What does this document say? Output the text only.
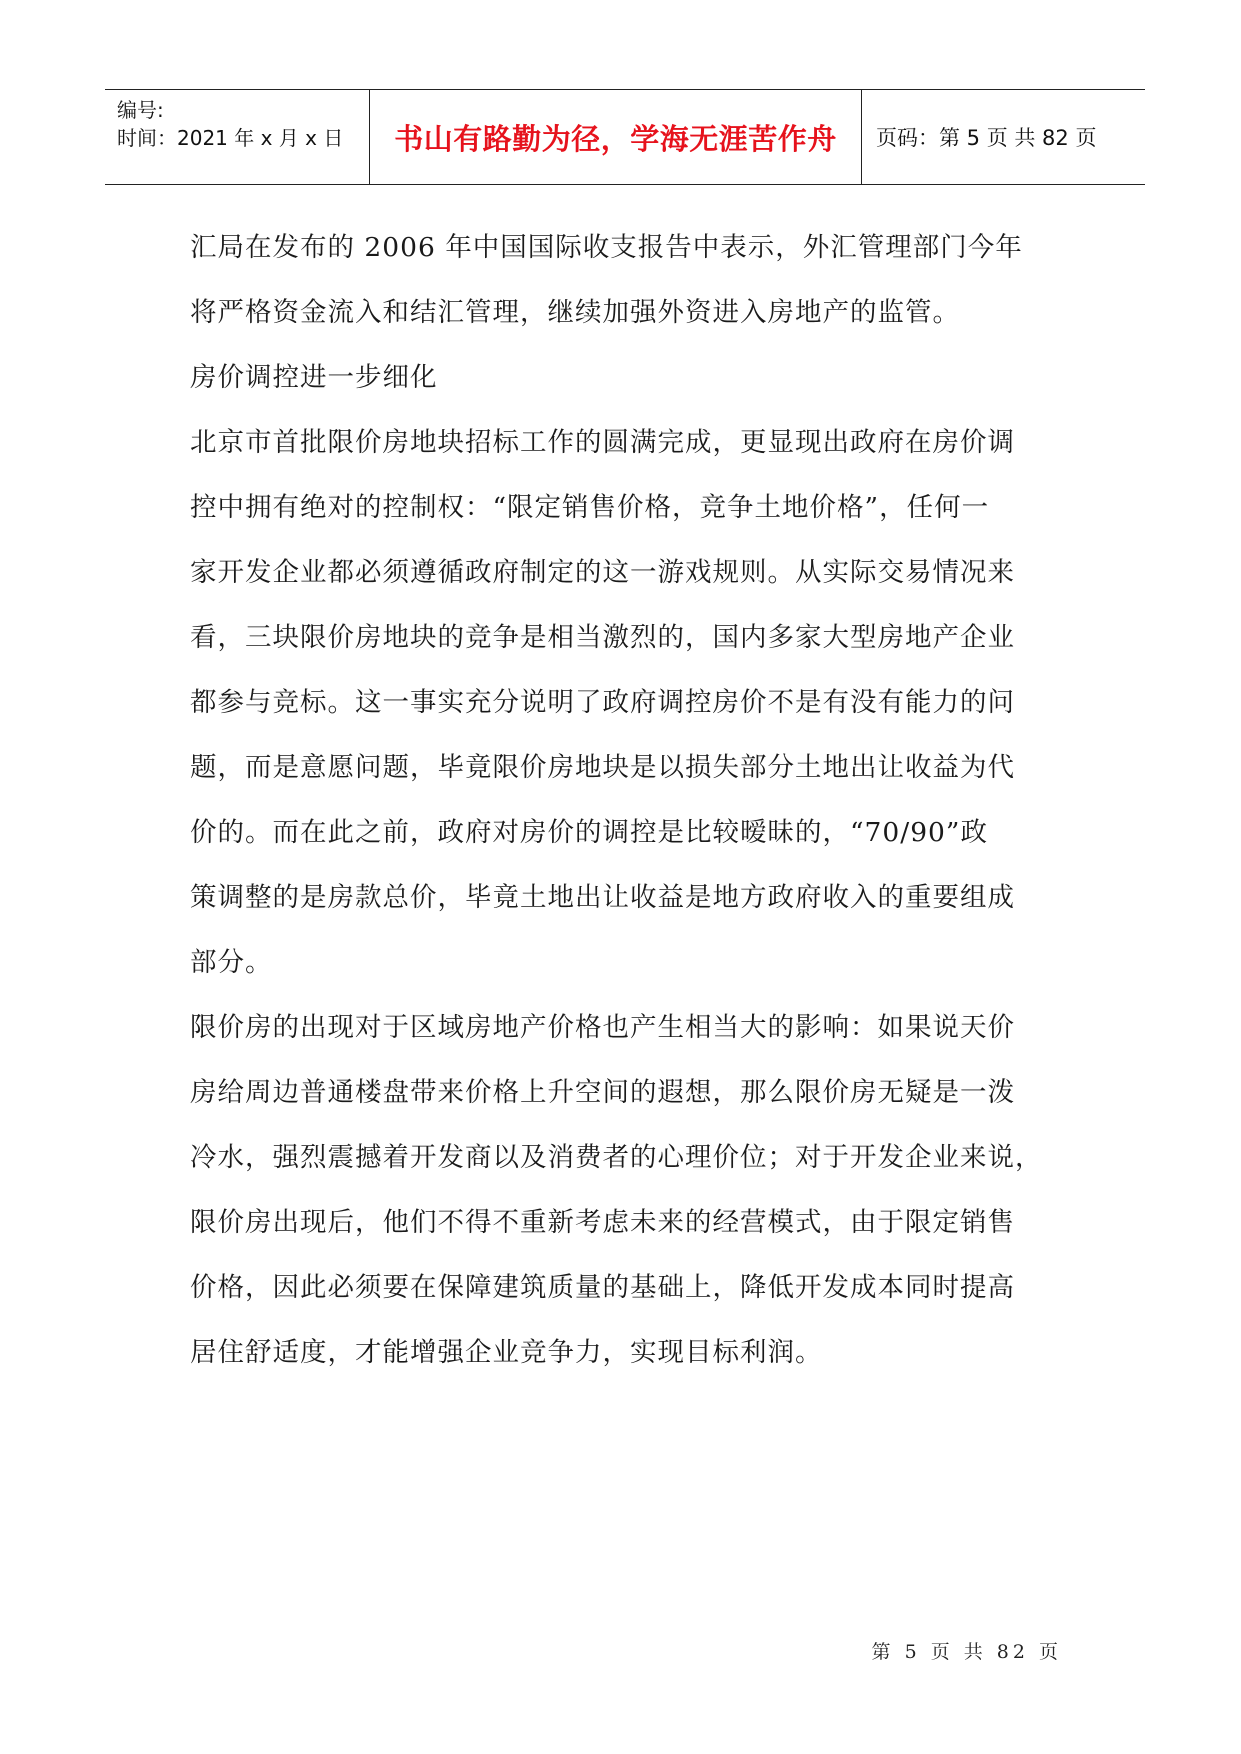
编号:
时间：2021 年 x 月 x 日 书山有路勤为径，学海无涯苦作舟 页码：第 5 页 共 82 页

汇局在发布的 2006 年中国国际收支报告中表示，外汇管理部门今年
将严格资金流入和结汇管理，继续加强外资进入房地产的监管。

房价调控进一步细化

北京市首批限价房地块招标工作的圆满完成，更显现出政府在房价调
控中拥有绝对的控制权：“限定销售价格，竞争土地价格”，任何一
家开发企业都必须遵循政府制定的这一游戏规则。从实际交易情况来
看，三块限价房地块的竞争是相当激烈的，国内多家大型房地产企业
都参与竞标。这一事实充分说明了政府调控房价不是有没有能力的问
题，而是意愿问题，毕竟限价房地块是以损失部分土地出让收益为代
价的。而在此之前，政府对房价的调控是比较暧昧的，“70/90”政
策调整的是房款总价，毕竟土地出让收益是地方政府收入的重要组成
部分。

限价房的出现对于区域房地产价格也产生相当大的影响：如果说天价
房给周边普通楼盘带来价格上升空间的遐想，那么限价房无疑是一泼
冷水，强烈震撼着开发商以及消费者的心理价位；对于开发企业来说，
限价房出现后，他们不得不重新考虑未来的经营模式，由于限定销售
价格，因此必须要在保障建筑质量的基础上，降低开发成本同时提高
居住舒适度，才能增强企业竞争力，实现目标利润。

第 5 页 共 82 页
